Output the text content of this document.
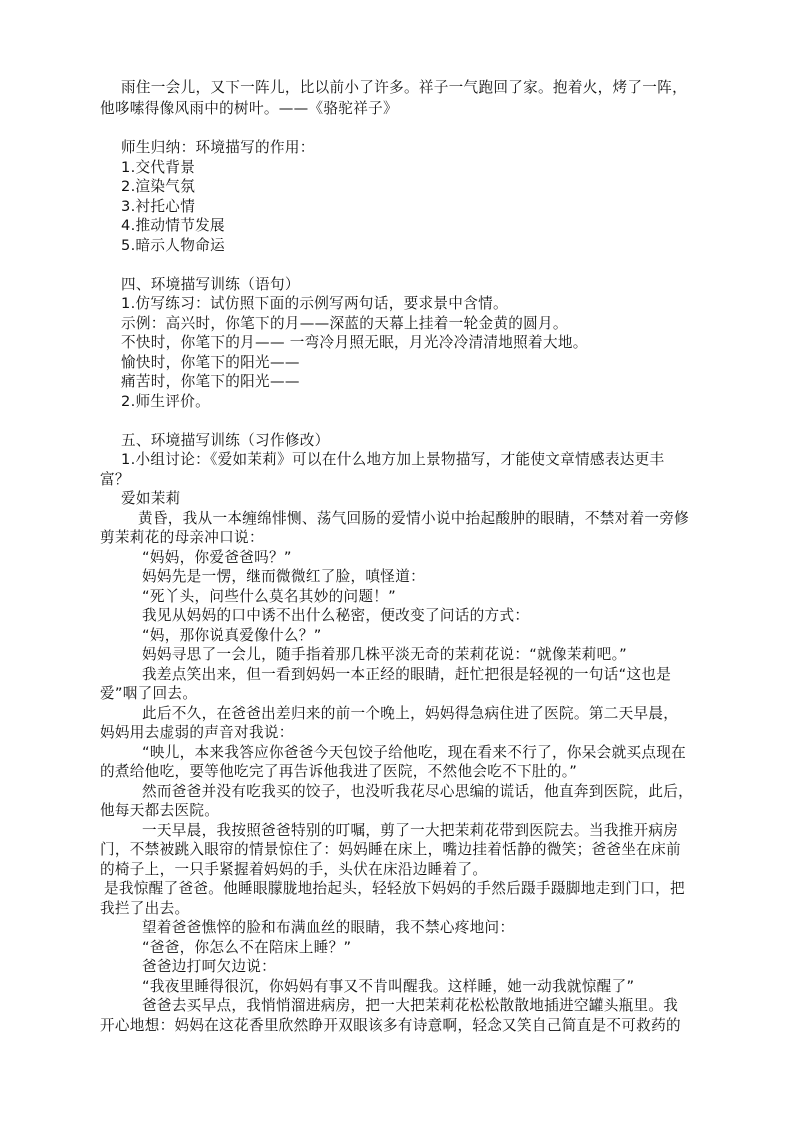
雨住一会儿，又下一阵儿，比以前小了许多。祥子一气跑回了家。抱着火，烤了一阵，
他哆嗦得像风雨中的树叶。——《骆驼祥子》
师生归纳：环境描写的作用：
1.交代背景
2.渲染气氛
3.衬托心情
4.推动情节发展
5.暗示人物命运
四、环境描写训练（语句）
1.仿写练习：试仿照下面的示例写两句话，要求景中含情。
示例：高兴时，你笔下的月——深蓝的天幕上挂着一轮金黄的圆月。
不快时，你笔下的月—— 一弯冷月照无眠，月光冷冷清清地照着大地。
愉快时，你笔下的阳光——
痛苦时，你笔下的阳光——
2.师生评价。
五、环境描写训练（习作修改）
1.小组讨论：《爱如茉莉》可以在什么地方加上景物描写，才能使文章情感表达更丰
富？
爱如茉莉
黄昏，我从一本缠绵悱恻、荡气回肠的爱情小说中抬起酸肿的眼睛，不禁对着一旁修
剪茉莉花的母亲冲口说：
“妈妈，你爱爸爸吗？”
妈妈先是一愣，继而微微红了脸，嗔怪道：
“死丫头，问些什么莫名其妙的问题！”
我见从妈妈的口中诱不出什么秘密，便改变了问话的方式：
“妈，那你说真爱像什么？”
妈妈寻思了一会儿，随手指着那几株平淡无奇的茉莉花说：“就像茉莉吧。”
我差点笑出来，但一看到妈妈一本正经的眼睛，赶忙把很是轻视的一句话“这也是
爱”咽了回去。
此后不久，在爸爸出差归来的前一个晚上，妈妈得急病住进了医院。第二天早晨，
妈妈用去虚弱的声音对我说：
“映儿，本来我答应你爸爸今天包饺子给他吃，现在看来不行了，你呆会就买点现在
的煮给他吃，要等他吃完了再告诉他我进了医院，不然他会吃不下肚的。”
然而爸爸并没有吃我买的饺子，也没听我花尽心思编的谎话，他直奔到医院，此后，
他每天都去医院。
一天早晨，我按照爸爸特别的叮嘱，剪了一大把茉莉花带到医院去。当我推开病房
门，不禁被跳入眼帘的情景惊住了：妈妈睡在床上，嘴边挂着恬静的微笑；爸爸坐在床前
的椅子上，一只手紧握着妈妈的手，头伏在床沿边睡着了。
是我惊醒了爸爸。他睡眼朦胧地抬起头，轻轻放下妈妈的手然后蹑手蹑脚地走到门口，把
我拦了出去。
望着爸爸憔悴的脸和布满血丝的眼睛，我不禁心疼地问：
“爸爸，你怎么不在陪床上睡？”
爸爸边打呵欠边说：
“我夜里睡得很沉，你妈妈有事又不肯叫醒我。这样睡，她一动我就惊醒了”
爸爸去买早点，我悄悄溜进病房，把一大把茉莉花松松散散地插进空罐头瓶里。我
开心地想：妈妈在这花香里欣然睁开双眼该多有诗意啊，轻念又笑自己简直是不可救药的
